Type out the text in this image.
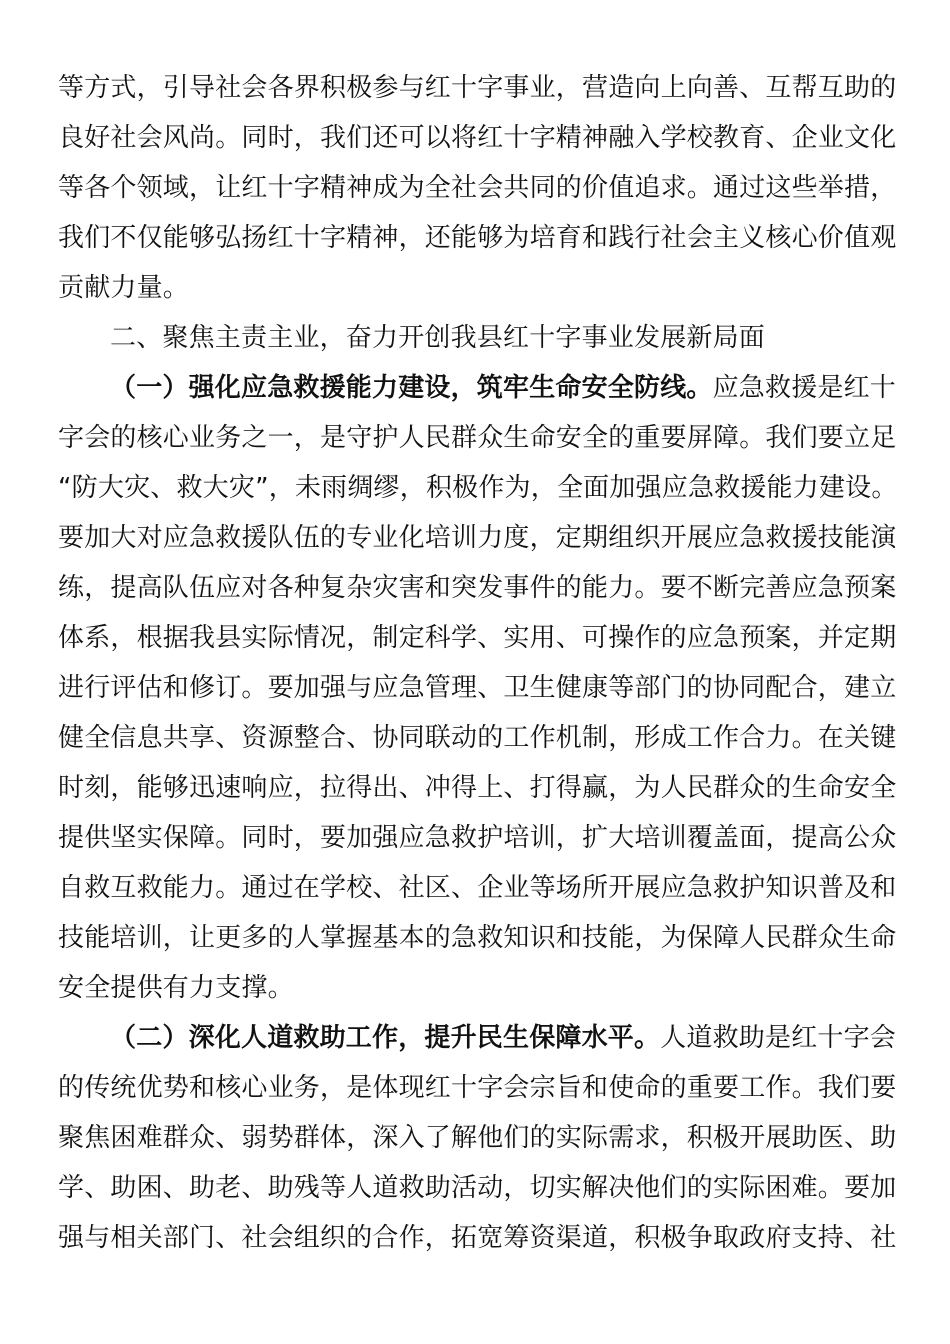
等方式，引导社会各界积极参与红十字事业，营造向上向善、互帮互助的
良好社会风尚。同时，我们还可以将红十字精神融入学校教育、企业文化
等各个领域，让红十字精神成为全社会共同的价值追求。通过这些举措，
我们不仅能够弘扬红十字精神，还能够为培育和践行社会主义核心价值观
贡献力量。
二、聚焦主责主业，奋力开创我县红十字事业发展新局面
（一）强化应急救援能力建设，筑牢生命安全防线。应急救援是红十
字会的核心业务之一，是守护人民群众生命安全的重要屏障。我们要立足
“防大灾、救大灾”，未雨绸缪，积极作为，全面加强应急救援能力建设。
要加大对应急救援队伍的专业化培训力度，定期组织开展应急救援技能演
练，提高队伍应对各种复杂灾害和突发事件的能力。要不断完善应急预案
体系，根据我县实际情况，制定科学、实用、可操作的应急预案，并定期
进行评估和修订。要加强与应急管理、卫生健康等部门的协同配合，建立
健全信息共享、资源整合、协同联动的工作机制，形成工作合力。在关键
时刻，能够迅速响应，拉得出、冲得上、打得赢，为人民群众的生命安全
提供坚实保障。同时，要加强应急救护培训，扩大培训覆盖面，提高公众
自救互救能力。通过在学校、社区、企业等场所开展应急救护知识普及和
技能培训，让更多的人掌握基本的急救知识和技能，为保障人民群众生命
安全提供有力支撑。
（二）深化人道救助工作，提升民生保障水平。人道救助是红十字会
的传统优势和核心业务，是体现红十字会宗旨和使命的重要工作。我们要
聚焦困难群众、弱势群体，深入了解他们的实际需求，积极开展助医、助
学、助困、助老、助残等人道救助活动，切实解决他们的实际困难。要加
强与相关部门、社会组织的合作，拓宽筹资渠道，积极争取政府支持、社
